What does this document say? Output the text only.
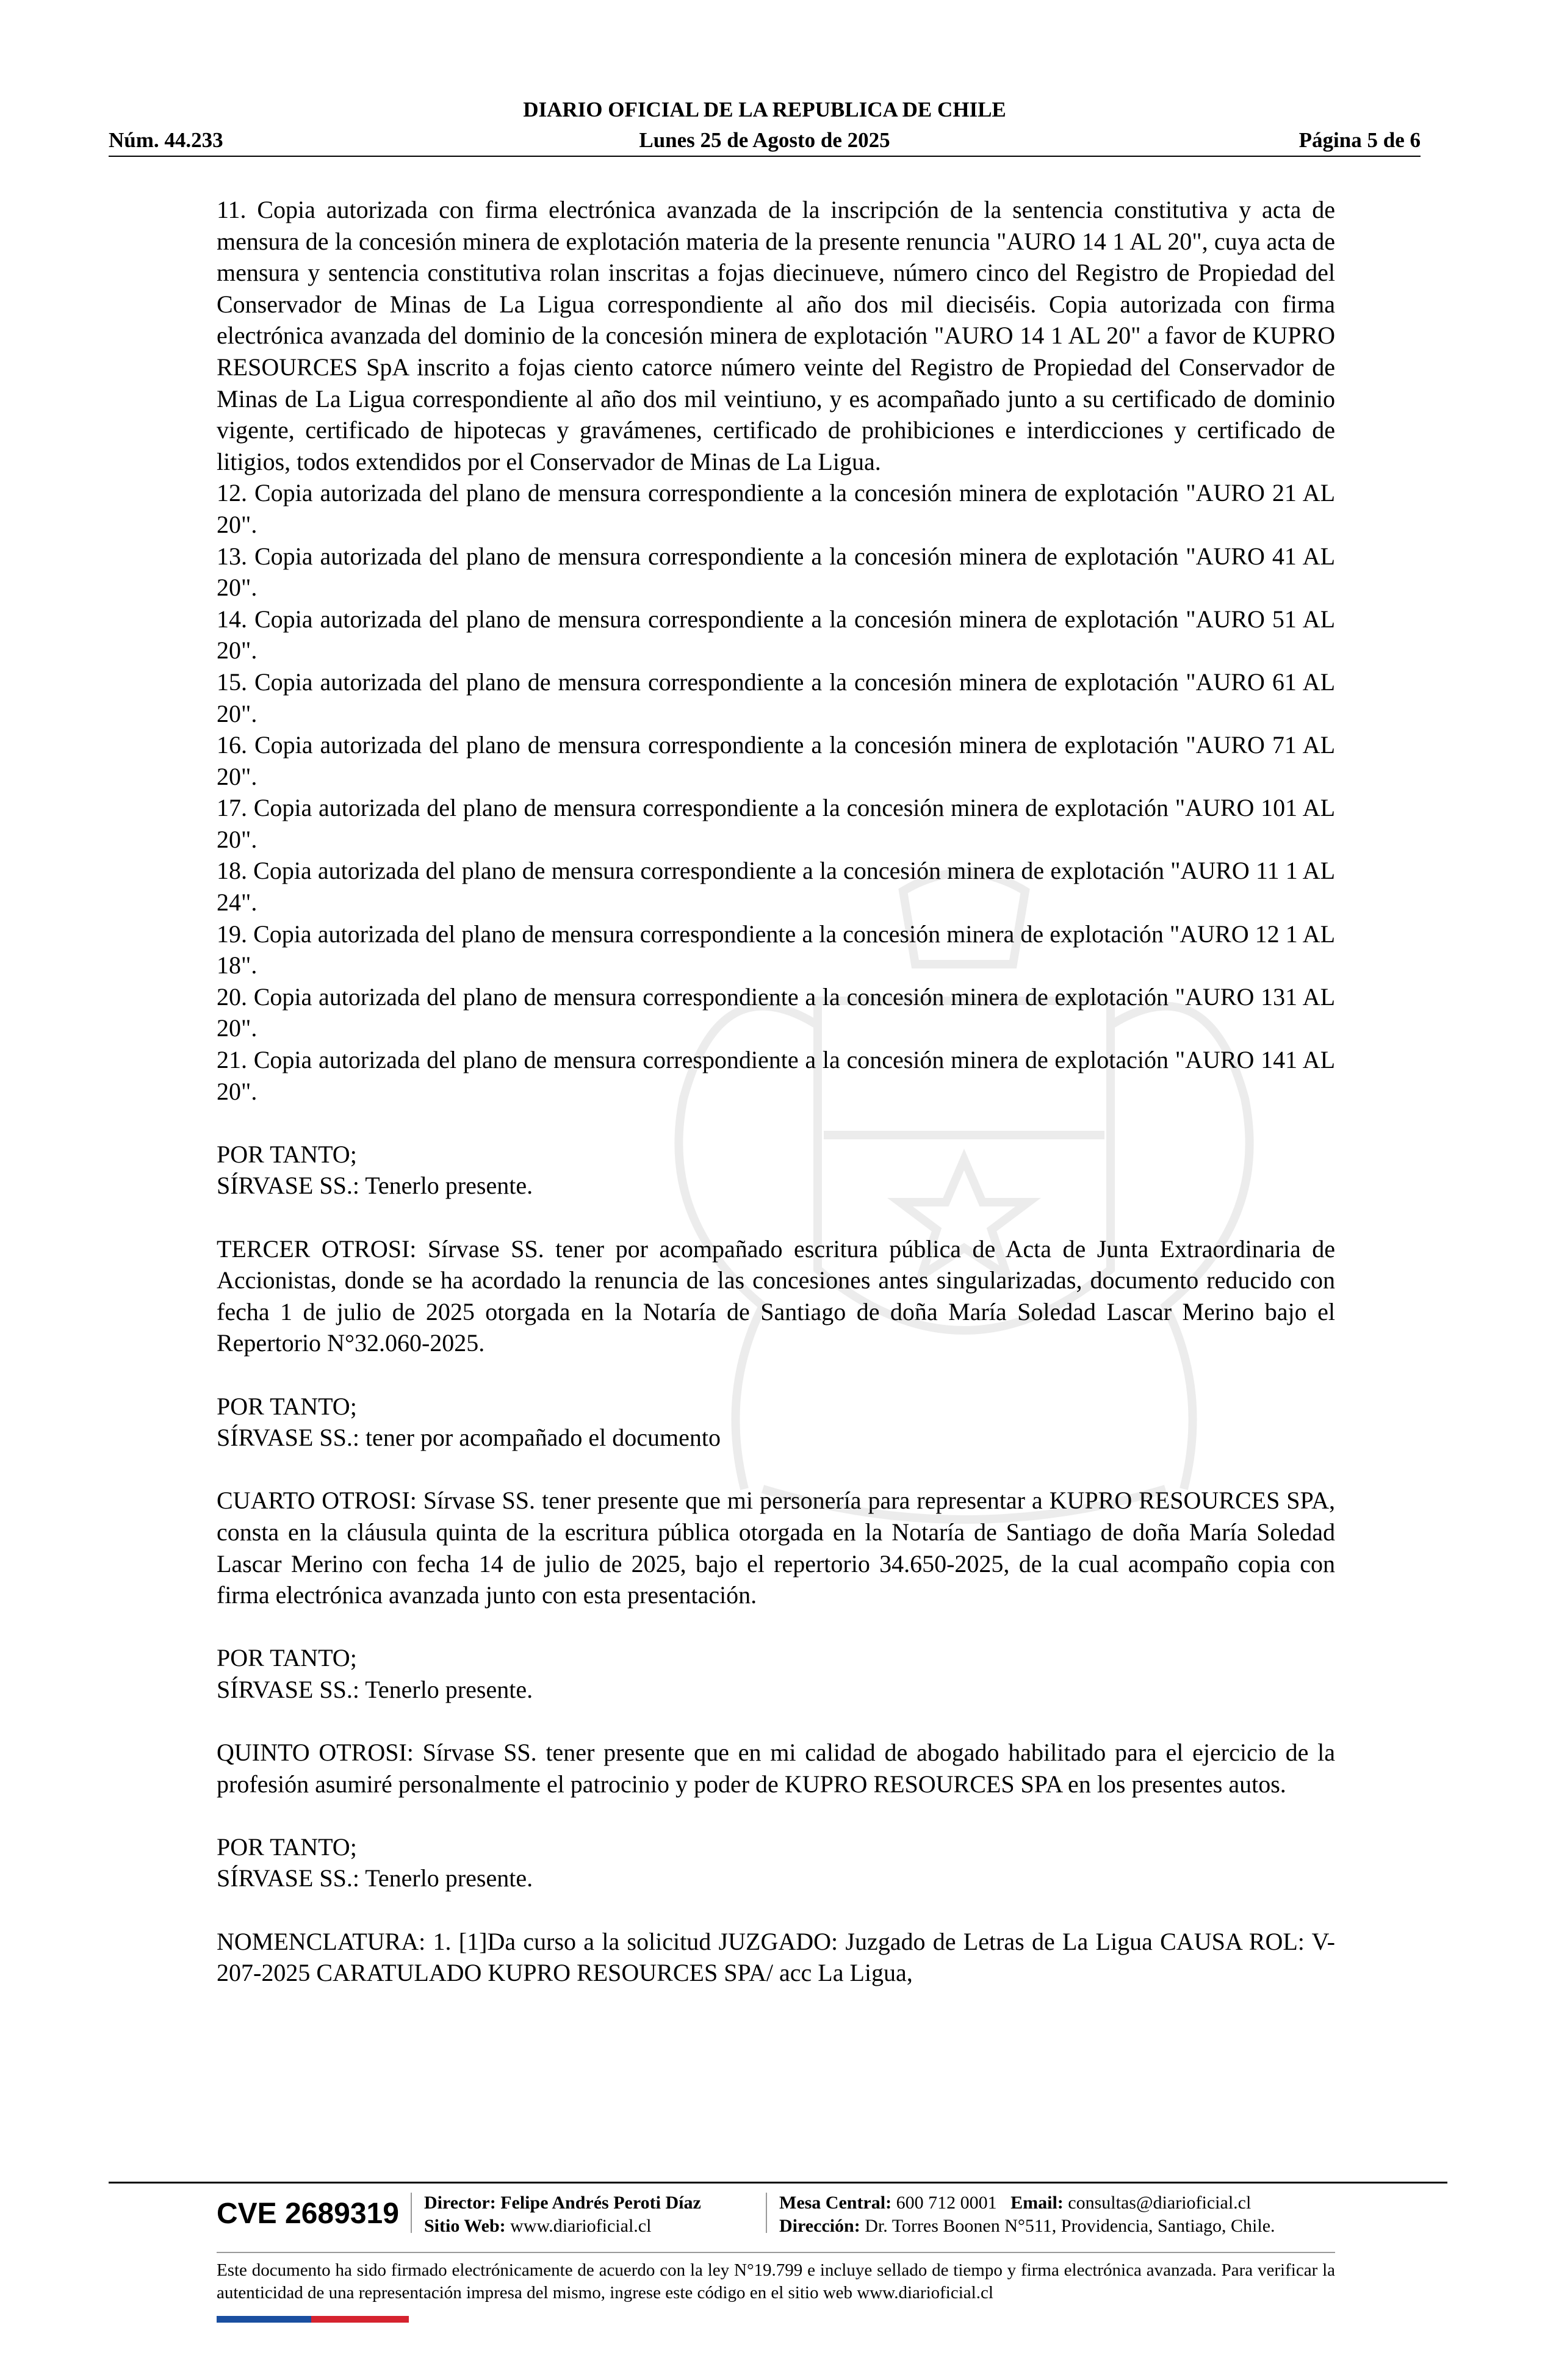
DIARIO OFICIAL DE LA REPUBLICA DE CHILE
Lunes 25 de Agosto de 2025
Núm. 44.233	Página 5 de 6

11. Copia autorizada con firma electrónica avanzada de la inscripción de la sentencia constitutiva y acta de mensura de la concesión minera de explotación materia de la presente renuncia "AURO 14 1 AL 20", cuya acta de mensura y sentencia constitutiva rolan inscritas a fojas diecinueve, número cinco del Registro de Propiedad del Conservador de Minas de La Ligua correspondiente al año dos mil dieciséis. Copia autorizada con firma electrónica avanzada del dominio de la concesión minera de explotación "AURO 14 1 AL 20" a favor de KUPRO RESOURCES SpA inscrito a fojas ciento catorce número veinte del Registro de Propiedad del Conservador de Minas de La Ligua correspondiente al año dos mil veintiuno, y es acompañado junto a su certificado de dominio vigente, certificado de hipotecas y gravámenes, certificado de prohibiciones e interdicciones y certificado de litigios, todos extendidos por el Conservador de Minas de La Ligua.

12. Copia autorizada del plano de mensura correspondiente a la concesión minera de explotación "AURO 21 AL 20".

13. Copia autorizada del plano de mensura correspondiente a la concesión minera de explotación "AURO 41 AL 20".

14. Copia autorizada del plano de mensura correspondiente a la concesión minera de explotación "AURO 51 AL 20".

15. Copia autorizada del plano de mensura correspondiente a la concesión minera de explotación "AURO 61 AL 20".

16. Copia autorizada del plano de mensura correspondiente a la concesión minera de explotación "AURO 71 AL 20".

17. Copia autorizada del plano de mensura correspondiente a la concesión minera de explotación "AURO 101 AL 20".

18. Copia autorizada del plano de mensura correspondiente a la concesión minera de explotación "AURO 11 1 AL 24".

19. Copia autorizada del plano de mensura correspondiente a la concesión minera de explotación "AURO 12 1 AL 18".

20. Copia autorizada del plano de mensura correspondiente a la concesión minera de explotación "AURO 131 AL 20".

21. Copia autorizada del plano de mensura correspondiente a la concesión minera de explotación "AURO 141 AL 20".

POR TANTO;

SÍRVASE SS.: Tenerlo presente.

TERCER OTROSI: Sírvase SS. tener por acompañado escritura pública de Acta de Junta Extraordinaria de Accionistas, donde se ha acordado la renuncia de las concesiones antes singularizadas, documento reducido con fecha 1 de julio de 2025 otorgada en la Notaría de Santiago de doña María Soledad Lascar Merino bajo el Repertorio N°32.060-2025.

POR TANTO;

SÍRVASE SS.: tener por acompañado el documento

CUARTO OTROSI: Sírvase SS. tener presente que mi personería para representar a KUPRO RESOURCES SPA, consta en la cláusula quinta de la escritura pública otorgada en la Notaría de Santiago de doña María Soledad Lascar Merino con fecha 14 de julio de 2025, bajo el repertorio 34.650-2025, de la cual acompaño copia con firma electrónica avanzada junto con esta presentación.

POR TANTO;

SÍRVASE SS.: Tenerlo presente.

QUINTO OTROSI: Sírvase SS. tener presente que en mi calidad de abogado habilitado para el ejercicio de la profesión asumiré personalmente el patrocinio y poder de KUPRO RESOURCES SPA en los presentes autos.

POR TANTO;

SÍRVASE SS.: Tenerlo presente.

NOMENCLATURA: 1. [1]Da curso a la solicitud JUZGADO: Juzgado de Letras de La Ligua CAUSA ROL: V-207-2025 CARATULADO KUPRO RESOURCES SPA/ acc La Ligua,

CVE 2689319 Director: Felipe Andrés Peroti Díaz
Sitio Web: www.diarioficial.cl
Mesa Central: 600 712 0001 Email: consultas@diarioficial.cl
Dirección: Dr. Torres Boonen N°511, Providencia, Santiago, Chile.
Este documento ha sido firmado electrónicamente de acuerdo con la ley N°19.799 e incluye sellado de tiempo y firma electrónica avanzada. Para verificar la autenticidad de una representación impresa del mismo, ingrese este código en el sitio web www.diarioficial.cl
